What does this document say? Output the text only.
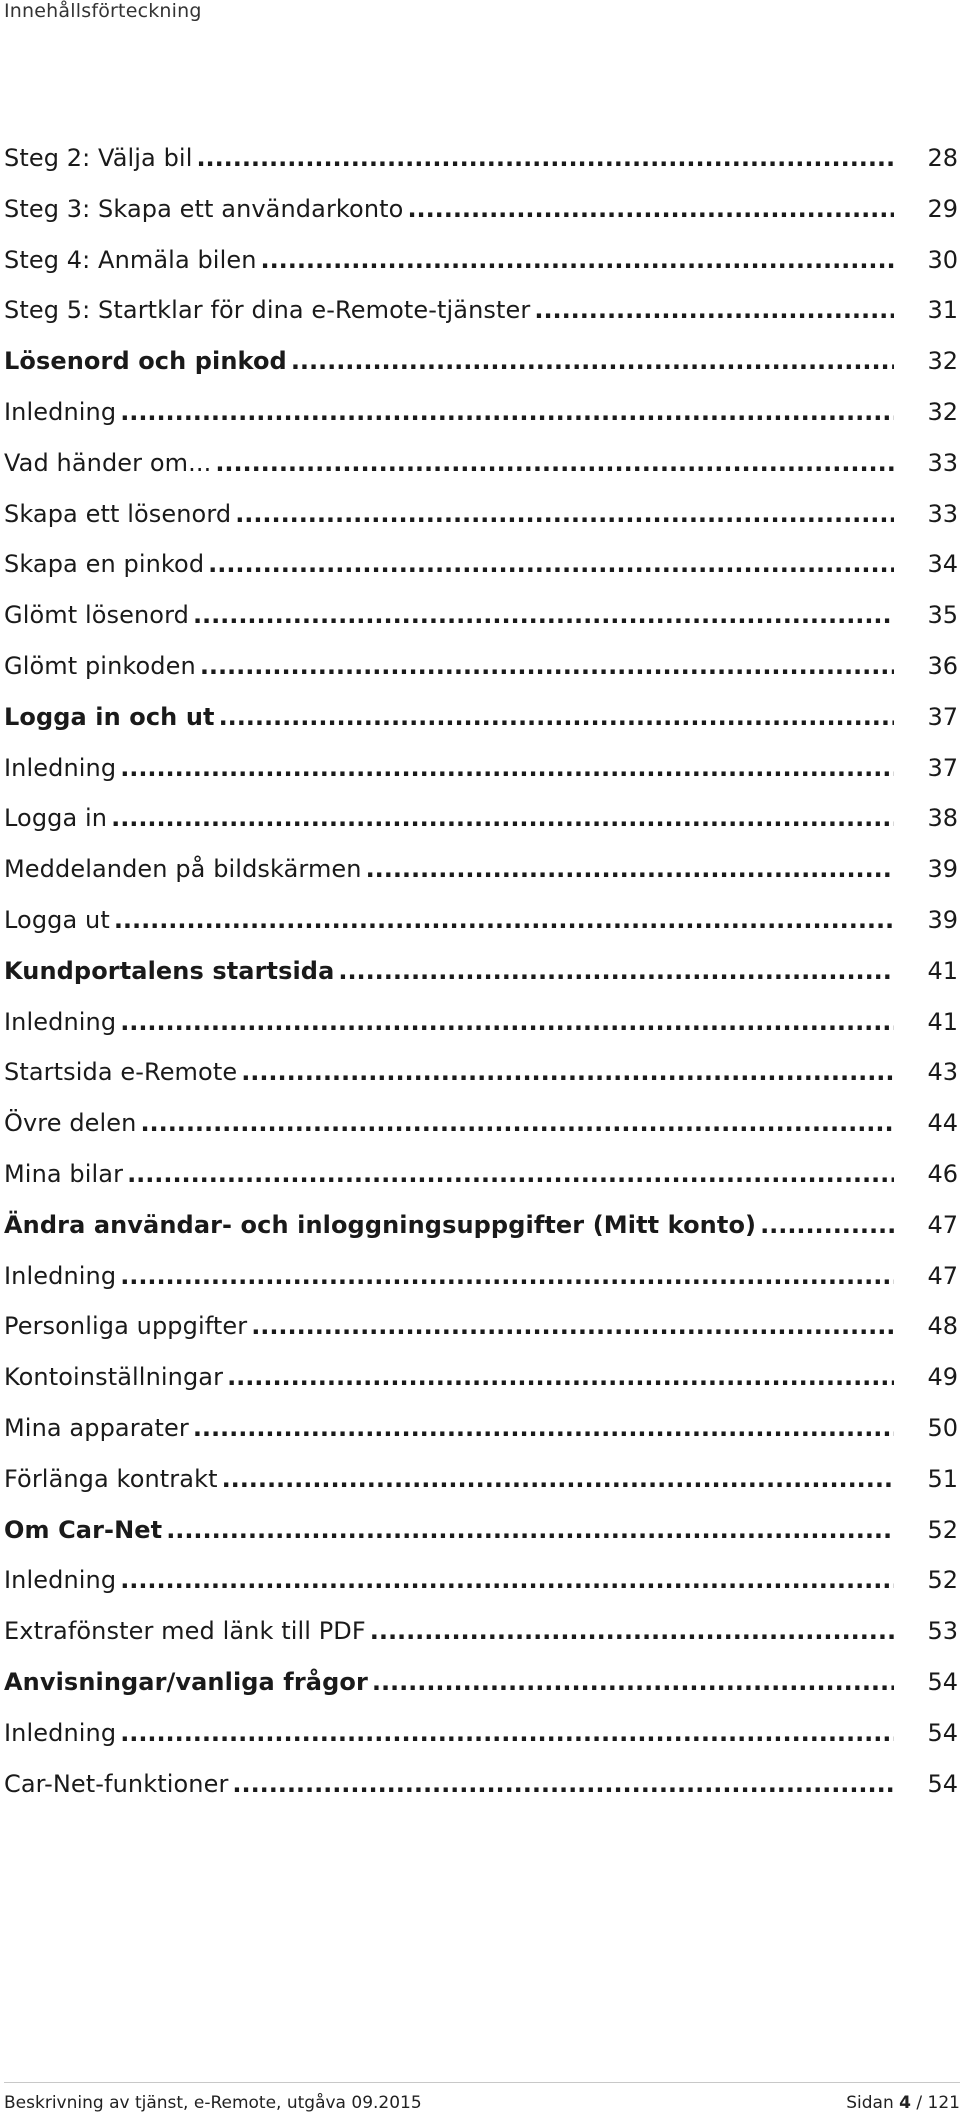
Innehållsförteckning
Steg 2: Välja bil . . .	28
Steg 3: Skapa ett användarkonto . . .	29
Steg 4: Anmäla bilen . . .	30
Steg 5: Startklar för dina e-Remote-tjänster . . .	31
Lösenord och pinkod . . .	32
Inledning . . .	32
Vad händer om... . . .	33
Skapa ett lösenord . . .	33
Skapa en pinkod . . .	34
Glömt lösenord . . .	35
Glömt pinkoden . . .	36
Logga in och ut . . .	37
Inledning . . .	37
Logga in . . .	38
Meddelanden på bildskärmen . . .	39
Logga ut . . .	39
Kundportalens startsida . . .	41
Inledning . . .	41
Startsida e-Remote . . .	43
Övre delen . . .	44
Mina bilar . . .	46
Ändra användar- och inloggningsuppgifter (Mitt konto) . . .	47
Inledning . . .	47
Personliga uppgifter . . .	48
Kontoinställningar . . .	49
Mina apparater . . .	50
Förlänga kontrakt . . .	51
Om Car-Net . . .	52
Inledning . . .	52
Extrafönster med länk till PDF . . .	53
Anvisningar/vanliga frågor . . .	54
Inledning . . .	54
Car-Net-funktioner . . .	54
Beskrivning av tjänst, e-Remote, utgåva 09.2015	Sidan 4 / 121
